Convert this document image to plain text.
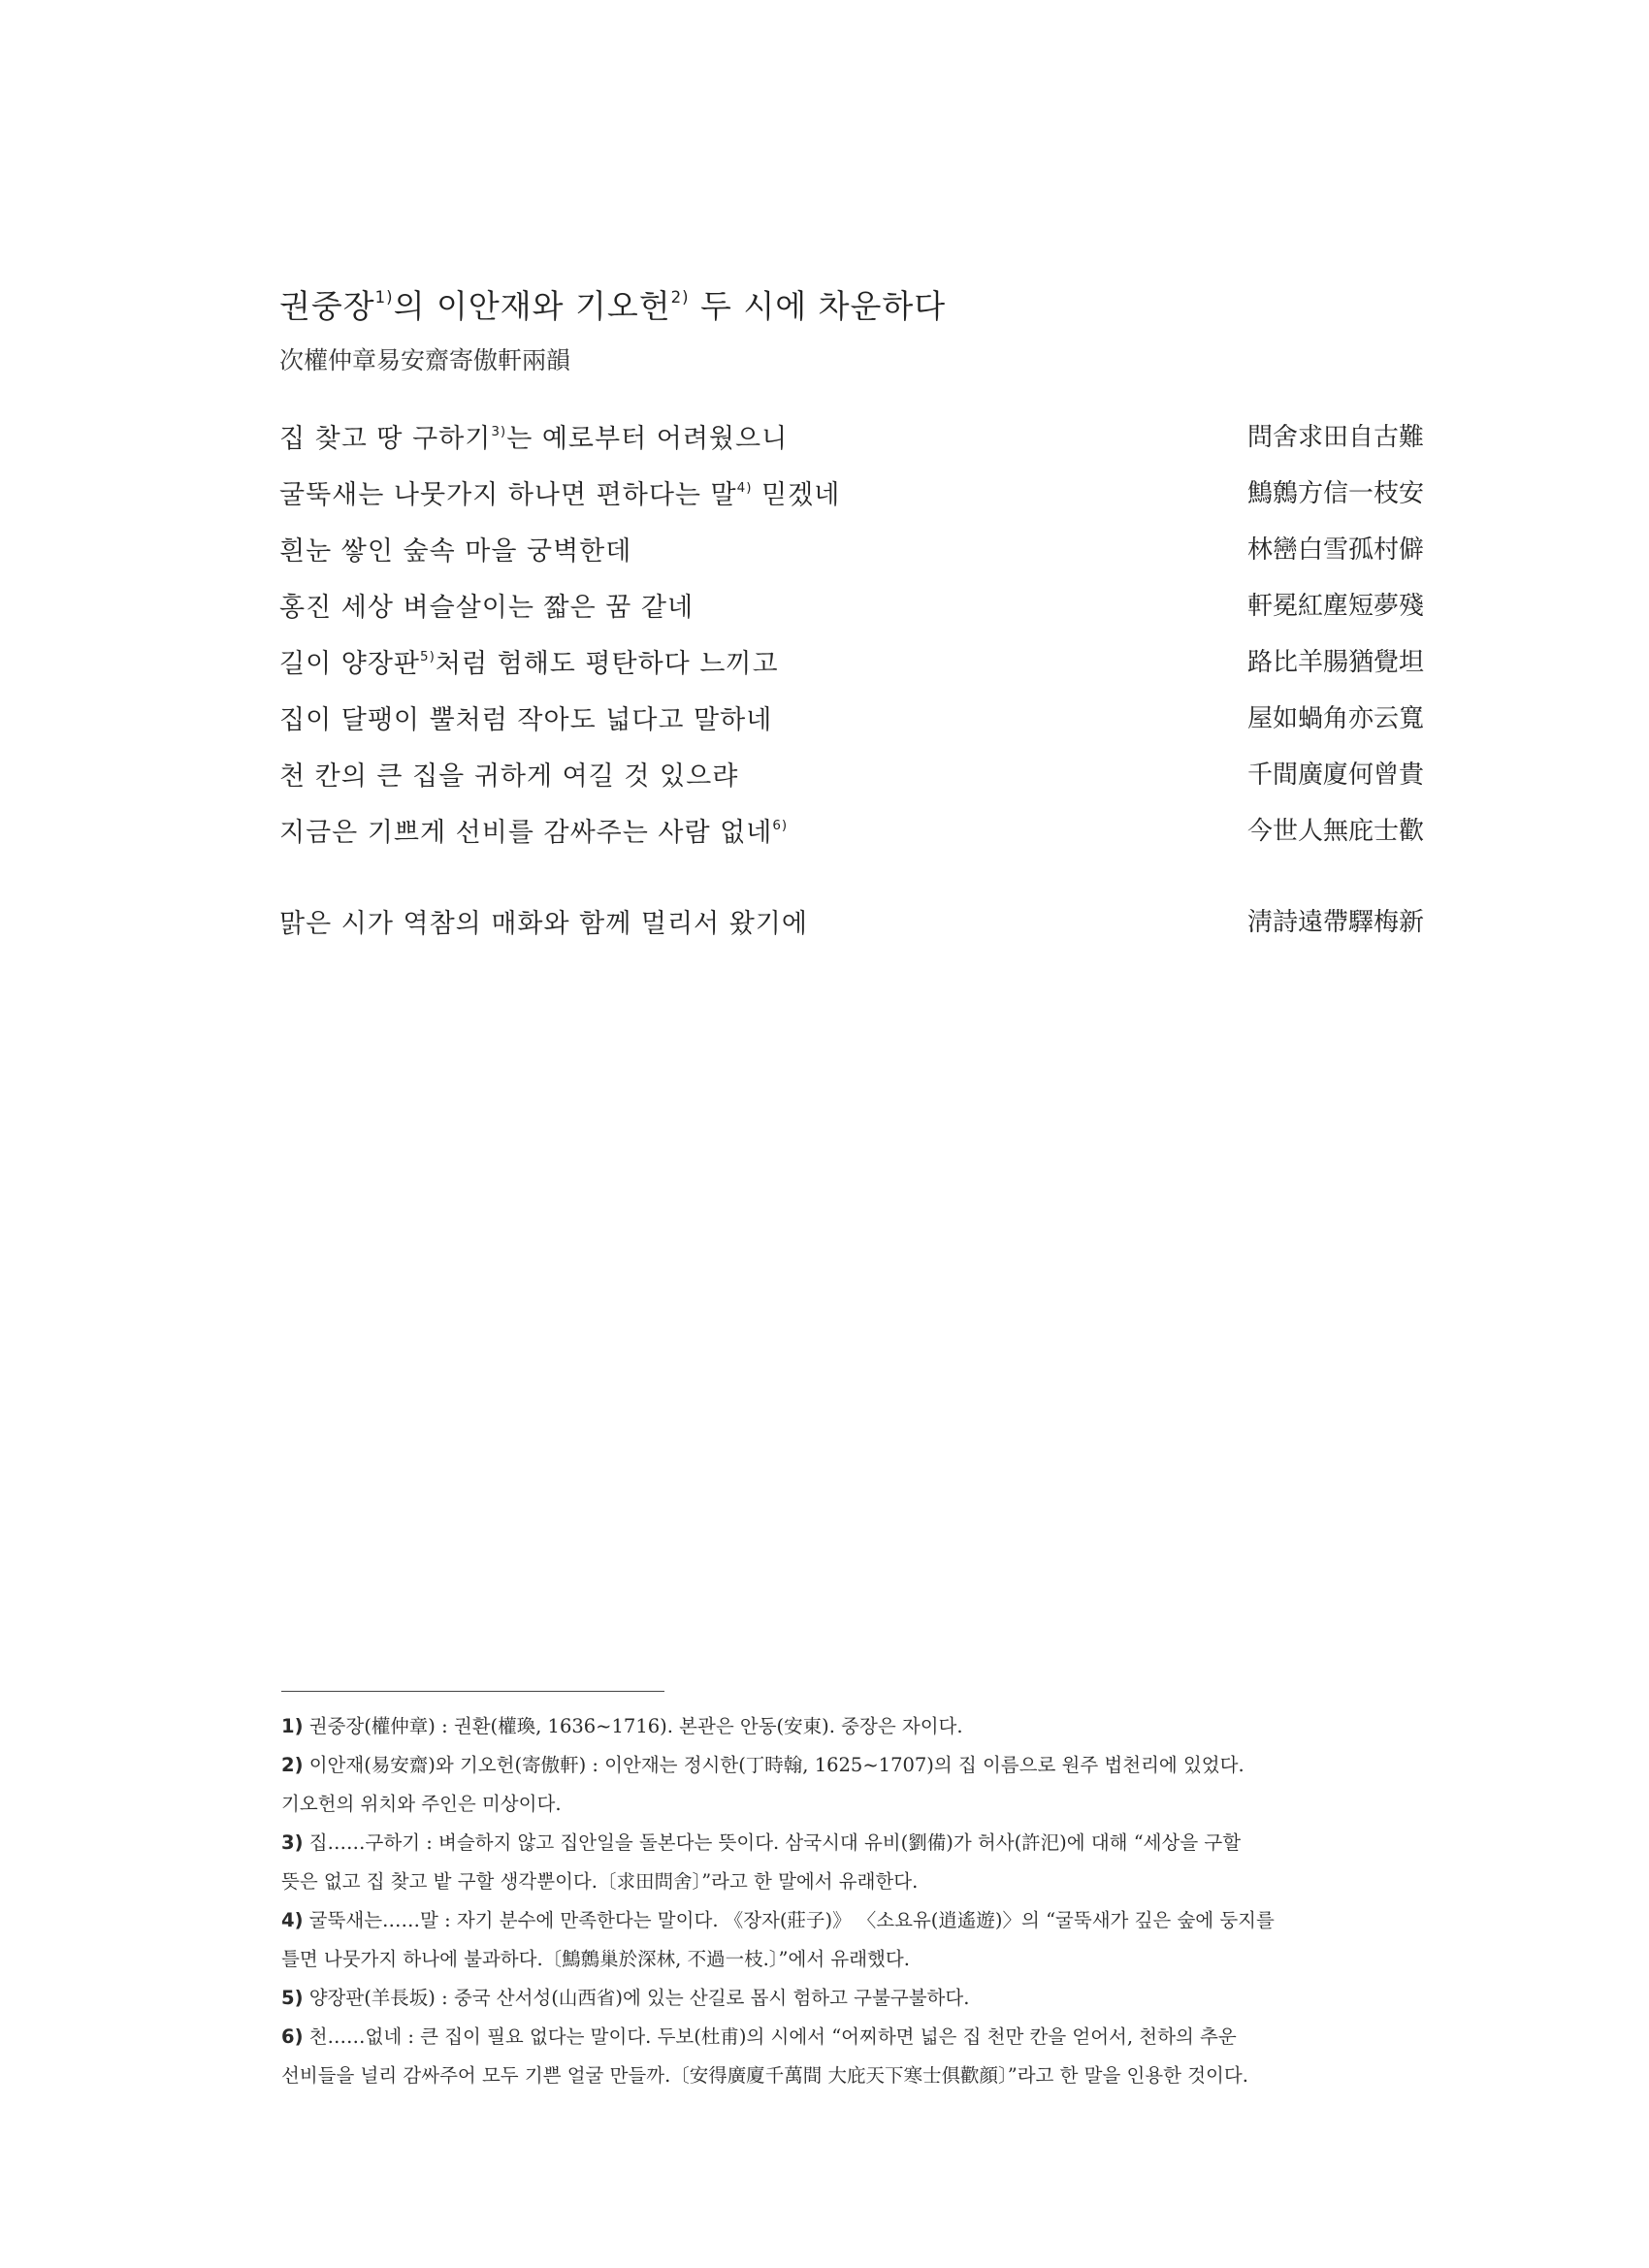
권중장$^{1)}$의 이안재와 기오헌$^{2)}$ 두 시에 차운하다
次權仲章易安齋寄傲軒兩韻
집 찾고 땅 구하기$^{3)}$는 예로부터 어려웠으니	問舍求田自古難
굴뚝새는 나뭇가지 하나면 편하다는 말$^{4)}$ 믿겠네	鷦鷯方信一枝安
흰눈 쌓인 숲속 마을 궁벽한데	林巒白雪孤村僻
홍진 세상 벼슬살이는 짧은 꿈 같네	軒冕紅塵短夢殘
길이 양장판$^{5)}$처럼 험해도 평탄하다 느끼고	路比羊腸猶覺坦
집이 달팽이 뿔처럼 작아도 넓다고 말하네	屋如蝸角亦云寬
천 칸의 큰 집을 귀하게 여길 것 있으랴	千間廣廈何曾貴
지금은 기쁘게 선비를 감싸주는 사람 없네$^{6)}$	今世人無庇士歡
맑은 시가 역참의 매화와 함께 멀리서 왔기에	淸詩遠帶驛梅新

1) 권중장(權仲章) : 권환(權瑍, 1636~1716). 본관은 안동(安東). 중장은 자이다.

2) 이안재(易安齋)와 기오헌(寄傲軒) : 이안재는 정시한(丁時翰, 1625~1707)의 집 이름으로 원주 법천리에 있었다.
기오헌의 위치와 주인은 미상이다.

3) 집……구하기 : 벼슬하지 않고 집안일을 돌본다는 뜻이다. 삼국시대 유비(劉備)가 허사(許汜)에 대해 “세상을 구할
뜻은 없고 집 찾고 밭 구할 생각뿐이다.〔求田問舍〕”라고 한 말에서 유래한다.

4) 굴뚝새는……말 : 자기 분수에 만족한다는 말이다. 《장자(莊子)》 〈소요유(逍遙遊)〉의 “굴뚝새가 깊은 숲에 둥지를
틀면 나뭇가지 하나에 불과하다.〔鷦鷯巢於深林, 不過一枝.〕”에서 유래했다.

5) 양장판(羊長坂) : 중국 산서성(山西省)에 있는 산길로 몹시 험하고 구불구불하다.

6) 천……없네 : 큰 집이 필요 없다는 말이다. 두보(杜甫)의 시에서 “어찌하면 넓은 집 천만 칸을 얻어서, 천하의 추운
선비들을 널리 감싸주어 모두 기쁜 얼굴 만들까.〔安得廣廈千萬間 大庇天下寒士俱歡顔〕”라고 한 말을 인용한 것이다.
